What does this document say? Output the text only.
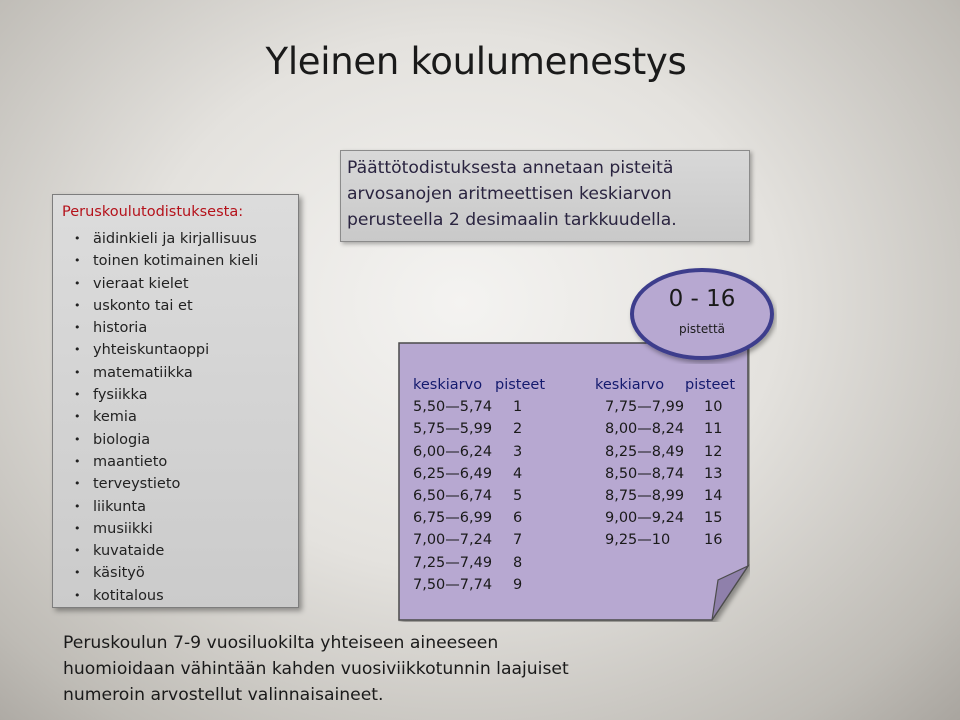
Yleinen koulumenestys
Peruskoulutodistuksesta:
• äidinkieli ja kirjallisuus
• toinen kotimainen kieli
• vieraat kielet
• uskonto tai et
• historia
• yhteiskuntaoppi
• matematiikka
• fysiikka
• kemia
• biologia
• maantieto
• terveystieto
• liikunta
• musiikki
• kuvataide
• käsityö
• kotitalous
Päättötodistuksesta annetaan pisteitä
arvosanojen aritmeettisen keskiarvon
perusteella 2 desimaalin tarkkuudella.
keskiarvo pisteet
5,50—5,74 1
5,75—5,99 2
6,00—6,24 3
6,25—6,49 4
6,50—6,74 5
6,75—6,99 6
7,00—7,24 7
7,25—7,49 8
7,50—7,74 9
keskiarvo pisteet
7,75—7,99 10
8,00—8,24 11
8,25—8,49 12
8,50—8,74 13
8,75—8,99 14
9,00—9,24 15
9,25—10 16
0 - 16
pistettä
Peruskoulun 7-9 vuosiluokilta yhteiseen aineeseen
huomioidaan vähintään kahden vuosiviikkotunnin laajuiset
numeroin arvostellut valinnaisaineet.
